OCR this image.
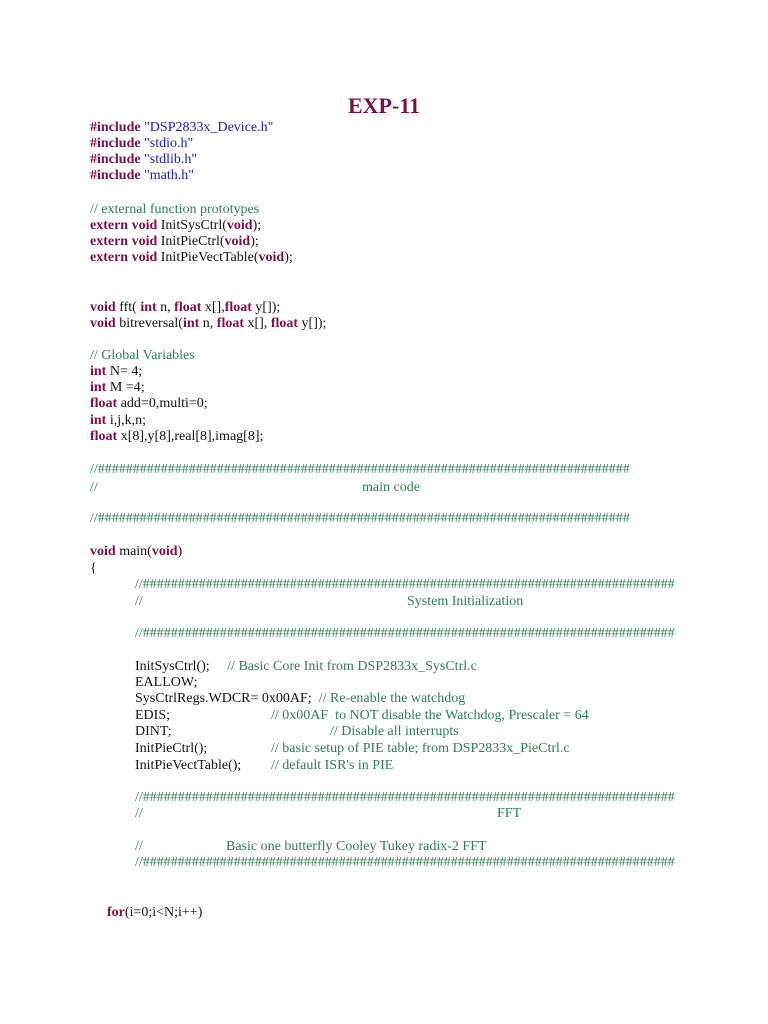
EXP-11
#include "DSP2833x_Device.h"
#include "stdio.h"
#include "stdlib.h"
#include "math.h"
// external function prototypes
extern void InitSysCtrl(void);
extern void InitPieCtrl(void);
extern void InitPieVectTable(void);
void fft( int n, float x[],float y[]);
void bitreversal(int n, float x[], float y[]);
// Global Variables
int N= 4;
int M =4;
float add=0,multi=0;
int i,j,k,n;
float x[8],y[8],real[8],imag[8];
//############################################################################
//	main code
//############################################################################
void main(void)
{
//############################################################################
//	System Initialization
//############################################################################
InitSysCtrl();     // Basic Core Init from DSP2833x_SysCtrl.c
EALLOW;
SysCtrlRegs.WDCR= 0x00AF;  // Re-enable the watchdog
EDIS;	// 0x00AF  to NOT disable the Watchdog, Prescaler = 64
DINT;	// Disable all interrupts
InitPieCtrl();	// basic setup of PIE table; from DSP2833x_PieCtrl.c
InitPieVectTable(); // default ISR's in PIE
//############################################################################
//	FFT
//	Basic one butterfly Cooley Tukey radix-2 FFT
//############################################################################
for(i=0;i<N;i++)
